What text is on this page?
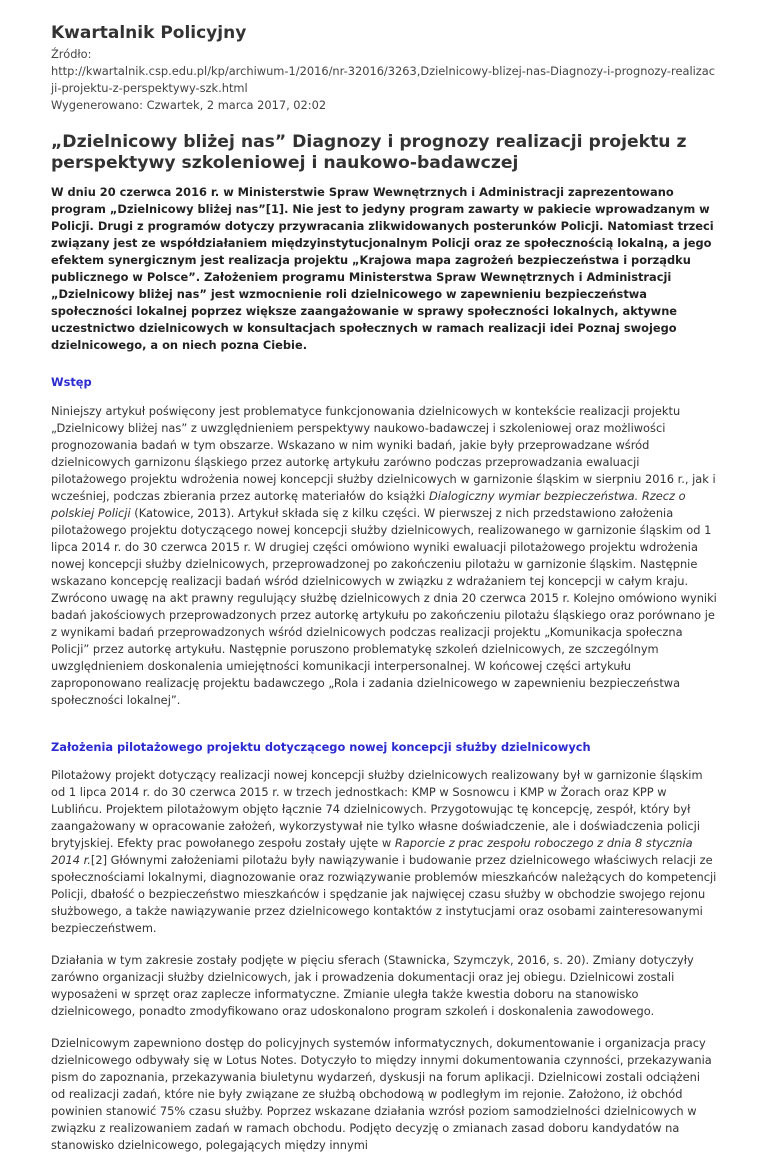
Kwartalnik Policyjny
Źródło:
http://kwartalnik.csp.edu.pl/kp/archiwum-1/2016/nr-32016/3263,Dzielnicowy-blizej-nas-Diagnozy-i-prognozy-realizacji-projektu-z-perspektywy-szk.html
Wygenerowano: Czwartek, 2 marca 2017, 02:02
„Dzielnicowy bliżej nas” Diagnozy i prognozy realizacji projektu z perspektywy szkoleniowej i naukowo-badawczej
W dniu 20 czerwca 2016 r. w Ministerstwie Spraw Wewnętrznych i Administracji zaprezentowano program „Dzielnicowy bliżej nas”[1]. Nie jest to jedyny program zawarty w pakiecie wprowadzanym w Policji. Drugi z programów dotyczy przywracania zlikwidowanych posterunków Policji. Natomiast trzeci związany jest ze współdziałaniem międzyinstytucjonalnym Policji oraz ze społecznością lokalną, a jego efektem synergicznym jest realizacja projektu „Krajowa mapa zagrożeń bezpieczeństwa i porządku publicznego w Polsce”. Założeniem programu Ministerstwa Spraw Wewnętrznych i Administracji „Dzielnicowy bliżej nas” jest wzmocnienie roli dzielnicowego w zapewnieniu bezpieczeństwa społeczności lokalnej poprzez większe zaangażowanie w sprawy społeczności lokalnych, aktywne uczestnictwo dzielnicowych w konsultacjach społecznych w ramach realizacji idei Poznaj swojego dzielnicowego, a on niech pozna Ciebie.
Wstęp

Niniejszy artykuł poświęcony jest problematyce funkcjonowania dzielnicowych w kontekście realizacji projektu „Dzielnicowy bliżej nas” z uwzględnieniem perspektywy naukowo-badawczej i szkoleniowej oraz możliwości prognozowania badań w tym obszarze. Wskazano w nim wyniki badań, jakie były przeprowadzane wśród dzielnicowych garnizonu śląskiego przez autorkę artykułu zarówno podczas przeprowadzania ewaluacji pilotażowego projektu wdrożenia nowej koncepcji służby dzielnicowych w garnizonie śląskim w sierpniu 2016 r., jak i wcześniej, podczas zbierania przez autorkę materiałów do książki Dialogiczny wymiar bezpieczeństwa. Rzecz o polskiej Policji (Katowice, 2013). Artykuł składa się z kilku części. W pierwszej z nich przedstawiono założenia pilotażowego projektu dotyczącego nowej koncepcji służby dzielnicowych, realizowanego w garnizonie śląskim od 1 lipca 2014 r. do 30 czerwca 2015 r. W drugiej części omówiono wyniki ewaluacji pilotażowego projektu wdrożenia nowej koncepcji służby dzielnicowych, przeprowadzonej po zakończeniu pilotażu w garnizonie śląskim. Następnie wskazano koncepcję realizacji badań wśród dzielnicowych w związku z wdrażaniem tej koncepcji w całym kraju. Zwrócono uwagę na akt prawny regulujący służbę dzielnicowych z dnia 20 czerwca 2015 r. Kolejno omówiono wyniki badań jakościowych przeprowadzonych przez autorkę artykułu po zakończeniu pilotażu śląskiego oraz porównano je z wynikami badań przeprowadzonych wśród dzielnicowych podczas realizacji projektu „Komunikacja społeczna Policji” przez autorkę artykułu. Następnie poruszono problematykę szkoleń dzielnicowych, ze szczególnym uwzględnieniem doskonalenia umiejętności komunikacji interpersonalnej. W końcowej części artykułu zaproponowano realizację projektu badawczego „Rola i zadania dzielnicowego w zapewnieniu bezpieczeństwa społeczności lokalnej”.

Założenia pilotażowego projektu dotyczącego nowej koncepcji służby dzielnicowych

Pilotażowy projekt dotyczący realizacji nowej koncepcji służby dzielnicowych realizowany był w garnizonie śląskim od 1 lipca 2014 r. do 30 czerwca 2015 r. w trzech jednostkach: KMP w Sosnowcu i KMP w Żorach oraz KPP w Lublińcu. Projektem pilotażowym objęto łącznie 74 dzielnicowych. Przygotowując tę koncepcję, zespół, który był zaangażowany w opracowanie założeń, wykorzystywał nie tylko własne doświadczenie, ale i doświadczenia policji brytyjskiej. Efekty prac powołanego zespołu zostały ujęte w Raporcie z prac zespołu roboczego z dnia 8 stycznia 2014 r.[2] Głównymi założeniami pilotażu były nawiązywanie i budowanie przez dzielnicowego właściwych relacji ze społecznościami lokalnymi, diagnozowanie oraz rozwiązywanie problemów mieszkańców należących do kompetencji Policji, dbałość o bezpieczeństwo mieszkańców i spędzanie jak najwięcej czasu służby w obchodzie swojego rejonu służbowego, a także nawiązywanie przez dzielnicowego kontaktów z instytucjami oraz osobami zainteresowanymi bezpieczeństwem.

Działania w tym zakresie zostały podjęte w pięciu sferach (Stawnicka, Szymczyk, 2016, s. 20). Zmiany dotyczyły zarówno organizacji służby dzielnicowych, jak i prowadzenia dokumentacji oraz jej obiegu. Dzielnicowi zostali wyposażeni w sprzęt oraz zaplecze informatyczne. Zmianie uległa także kwestia doboru na stanowisko dzielnicowego, ponadto zmodyfikowano oraz udoskonalono program szkoleń i doskonalenia zawodowego.

Dzielnicowym zapewniono dostęp do policyjnych systemów informatycznych, dokumentowanie i organizacja pracy dzielnicowego odbywały się w Lotus Notes. Dotyczyło to między innymi dokumentowania czynności, przekazywania pism do zapoznania, przekazywania biuletynu wydarzeń, dyskusji na forum aplikacji. Dzielnicowi zostali odciążeni od realizacji zadań, które nie były związane ze służbą obchodową w podległym im rejonie. Założono, iż obchód powinien stanowić 75% czasu służby. Poprzez wskazane działania wzrósł poziom samodzielności dzielnicowych w związku z realizowaniem zadań w ramach obchodu. Podjęto decyzję o zmianach zasad doboru kandydatów na stanowisko dzielnicowego, polegających między innymi
